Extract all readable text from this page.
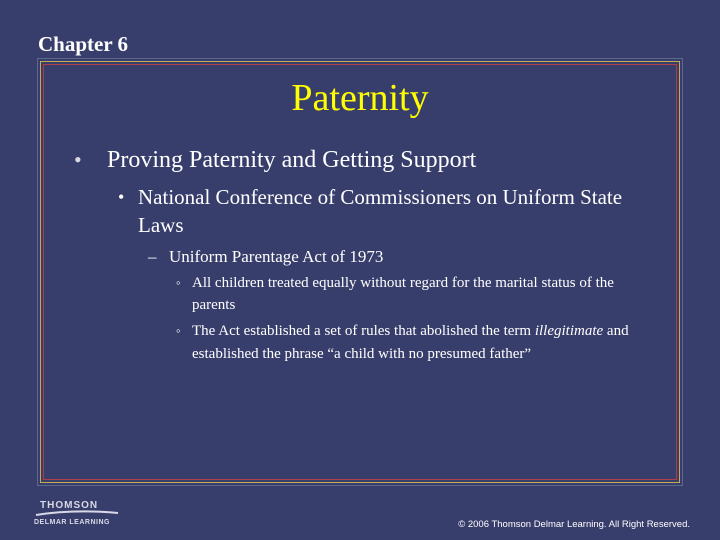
Chapter 6
Paternity
• Proving Paternity and Getting Support
• National Conference of Commissioners on Uniform State Laws
– Uniform Parentage Act of 1973
◦ All children treated equally without regard for the marital status of the parents
◦ The Act established a set of rules that abolished the term illegitimate and established the phrase “a child with no presumed father”
THOMSON
DELMAR LEARNING	© 2006 Thomson Delmar Learning. All Right Reserved.
